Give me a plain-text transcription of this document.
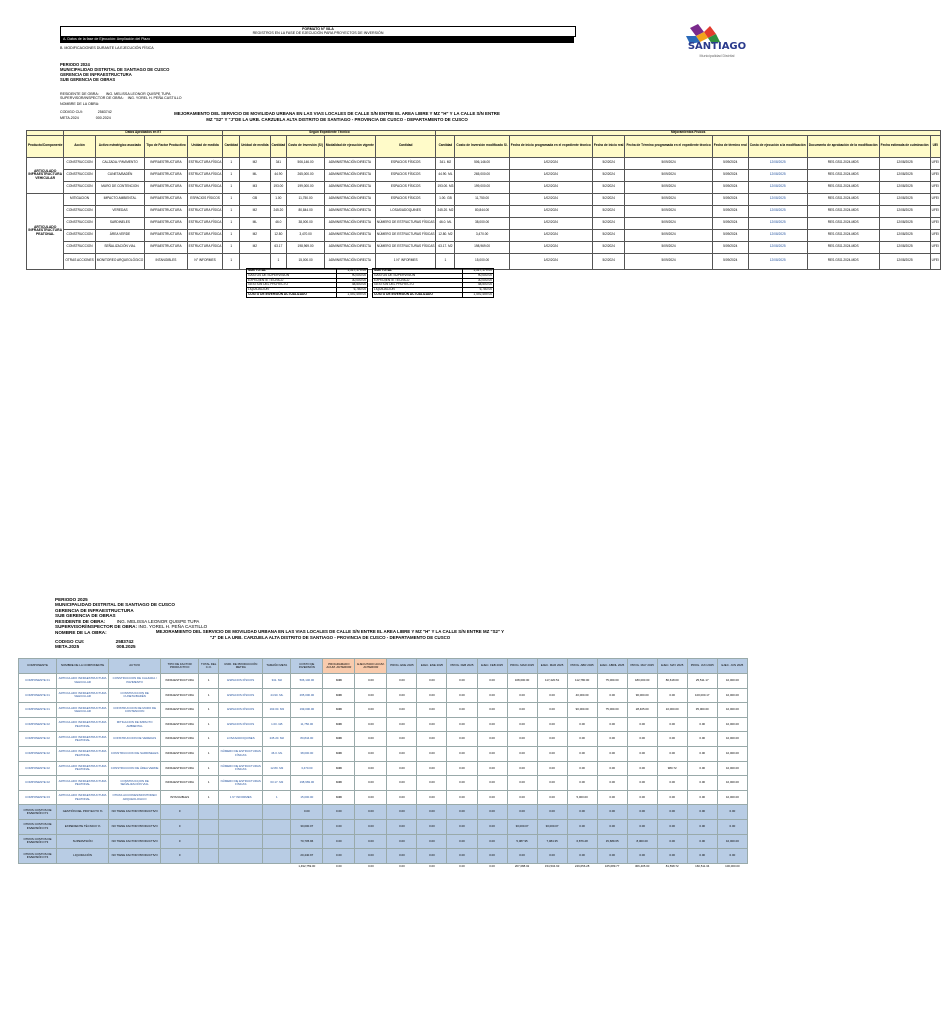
FORMATO N° 08-A
REGISTROS EN LA FASE DE EJECUCIÓN PARA PROYECTOS DE INVERSIÓN
A. Datos de la fase de Ejecución: Ampliación del Plazo
B. MODIFICACIONES DURANTE LA EJECUCIÓN FÍSICA	SANTIAGO
Municipalidad Distrital
PERIODO 2024
MUNICIPALIDAD DISTRITAL DE SANTIAGO DE CUSCO
GERENCIA DE INFRAESTRUCTURA
SUB GERENCIA DE OBRAS
RESIDENTE DE OBRA: ING. MELISSA LEONOR QUISPE TUPA
SUPERVISOR/INSPECTOR DE OBRA: ING. YOREL H. PEÑA CASTILLO
NOMBRE DE LA OBRA:
CODIGO CUI:	2583742
META.2024	000.2024
MEJORAMIENTO DEL SERVICIO DE MOVILIDAD URBANA EN LAS VIAS LOCALES DE CALLE S/N ENTRE EL AREA LIBRE Y MZ "H" Y LA CALLE S/N ENTRE MZ "S2" Y "J"DE LA URB. CARZUELA ALTA DISTRITO DE SANTIAGO - PROVINCIA DE CUSCO - DEPARTAMENTO DE CUSCO
	Datos Aprobados en ET				Según Expediente Técnico						Mejoramientos Físicos									
Producto/Componente	Acción	Activo estratégico asociado	Tipo de Factor Productivo	Unidad de medida	Cantidad	Unidad de medida	Cantidad	Costo de Inversión (S/)	Modalidad de ejecución vigente	Cantidad	Cantidad	Costo de Inversión modificado S/.	Fecha de inicio programada en el expediente técnico	Fecha de inicio real	Fecha de Término programada en el expediente técnico	Fecha de término real	Costo de ejecución a la modificación	Documento de aprobación de la modificación	Fecha estimada de culminación	UEI
ARTICULADO INFRAESTRUCTURA VEHICULAR	CONSTRUCCION	CALZADA / PAVIMENTO	INFRAESTRUCTURA	ESTRUCTURA FÍSICA	1	M2	341	506,146.00	ADMINISTRACIÓN DIRECTA	ESPACIOS FÍSICOS	341. M2	506,146.00	1/02/2024	5/2/2024	5/09/2024	5/09/2024	12/08/2025	RES.GSG-2024-MDS	12/08/2025	UFEI
	CONSTRUCCION	CUNETA/BADÉN	INFRAESTRUCTURA	ESTRUCTURA FÍSICA	1	ML	44.90	265,000.00	ADMINISTRACIÓN DIRECTA	ESPACIOS FÍSICOS	44.90. ML	265,000.00	1/02/2024	5/2/2024	5/09/2024	5/09/2024	12/08/2025	RES.GSG-2024-MDS	12/08/2025	UFEI
	CONSTRUCCION	MURO DE CONTENCION	INFRAESTRUCTURA	ESTRUCTURA FÍSICA	1	M3	193.00	199,000.00	ADMINISTRACIÓN DIRECTA	ESPACIOS FÍSICOS	193.00. M3	199,000.00	1/02/2024	5/2/2024	5/09/2024	5/09/2024	12/08/2025	RES.GSG-2024-MDS	12/08/2025	UFEI
ARTICULADO INFRAESTRUCTURA PEATONAL	MITIGACION	IMPACTO AMBIENTAL	INFRAESTRUCTURA	ESPACIOS FÍSICOS	1	GB	1.00	11,750.00	ADMINISTRACIÓN DIRECTA	ESPACIOS FÍSICOS	1.00. GB	11,750.00	1/02/2024	5/2/2024	5/09/2024	5/09/2024	12/08/2025	RES.GSG-2024-MDS	12/08/2025	UFEI
	CONSTRUCCION	VEREDAS	INFRAESTRUCTURA	ESTRUCTURA FÍSICA	1	M2	245.20	80,844.00	ADMINISTRACIÓN DIRECTA	LOSAS/ADOQUINES	245.20. M2	80,844.00	1/02/2024	5/2/2024	5/09/2024	5/09/2024	12/08/2025	RES.GSG-2024-MDS	12/08/2025	UFEI
	CONSTRUCCION	SARDINELES	INFRAESTRUCTURA	ESTRUCTURA FÍSICA	1	ML	46.0	38,000.00	ADMINISTRACIÓN DIRECTA	NÚMERO DE ESTRUCTURAS FÍSICAS	46.0. ML	38,000.00	1/02/2024	5/2/2024	5/09/2024	5/09/2024	12/08/2025	RES.GSG-2024-MDS	12/08/2025	UFEI
	CONSTRUCCION	ÁREA VERDE	INFRAESTRUCTURA	ESTRUCTURA FÍSICA	1	M2	12.80	3,470.00	ADMINISTRACIÓN DIRECTA	NÚMERO DE ESTRUCTURAS FÍSICAS	12.80. M2	3,470.00	1/02/2024	5/2/2024	5/09/2024	5/09/2024	12/08/2025	RES.GSG-2024-MDS	12/08/2025	UFEI
	CONSTRUCCION	SEÑALIZACIÓN VIAL	INFRAESTRUCTURA	ESTRUCTURA FÍSICA	1	M2	63.17	198,969.00	ADMINISTRACIÓN DIRECTA	NÚMERO DE ESTRUCTURAS FÍSICAS	63.17. M2	198,969.00	1/02/2024	5/2/2024	5/09/2024	5/09/2024	12/08/2025	RES.GSG-2024-MDS	12/08/2025	UFEI
	OTRAS ACCIONES	MONITOREO ARQUEOLÓGICO	INTANGIBLES	N° INFORMES	1		1	15,000.00	ADMINISTRACIÓN DIRECTA	1 N° INFORMES	1	15,000.00	1/02/2024	5/2/2024	5/09/2024	5/09/2024	12/08/2025	RES.GSG-2024-MDS	12/08/2025	UFEI
SUB TOTAL	1,317,179.00
GASTOS DE SUPERVISION	90,000.00
EXPEDIENTE TÉCNICO	30,000.00
GESTIÓN DEL PROYECTO	48,500.00
LIQUIDACIÓN	6,780.00
COSTO DE INVERSIÓN ACTUALIZADO	1,492,459.00
SUB TOTAL	1,317,179.00
GASTOS DE SUPERVISION	90,000.00
EXPEDIENTE TÉCNICO	30,000.00
GESTIÓN DEL PROYECTO	48,500.00
LIQUIDACIÓN	6,780.00
COSTO DE INVERSIÓN ACTUALIZADO	1,492,459.00
PERIODO 2025
MUNICIPALIDAD DISTRITAL DE SANTIAGO DE CUSCO
GERENCIA DE INFRAESTRUCTURA
SUB GERENCIA DE OBRAS
RESIDENTE DE OBRA: ING. MELISSA LEONOR QUISPE TUPA
SUPERVISOR/INSPECTOR DE OBRA: ING. YOREL H. PEÑA CASTILLO
NOMBRE DE LA OBRA:
CODIGO CUI:	2583742
META.2025	008.2025
MEJORAMIENTO DEL SERVICIO DE MOVILIDAD URBANA EN LAS VIAS LOCALES DE CALLE S/N ENTRE EL AREA LIBRE Y MZ "H" Y LA CALLE S/N ENTRE MZ "S2" Y
"J" DE LA URB. CARZUELA ALTA DISTRITO DE SANTIAGO - PROVINCIA DE CUSCO - DEPARTAMENTO DE CUSCO
COMPONENTE	NOMBRE DE LA COMPONENTE	ACTIVO	TIPO DE FACTOR PRODUCTIVO	TOTAL DEL C.O.	UNID. DE PRODUCCIÓN METRA	TAMAÑO META	COSTO DE INVERSIÓN	PROGRAMADO ACUM. ANTERIOR	EJECUTADO ACUM. ANTERIOR	PROG. ENE 2025	EJEC. ENE 2025	PROG. FEB 2025	EJEC. FEB 2025	PROG. MAR 2025	EJEC. MAR 2025	PROG. ABR 2025	EJEC. ABRIL 2025	PROG. MAY 2025	EJEC. MAY 2025	PROG. JUN 2025	EJEC. JUN 2025
COMPONENTE 01	ARTICULADO INFRAESTRUCTURA VEHICULAR	CONSTRUCCION DE CALZADA / PAVIMENTO	INFRAESTRUCTURA	1	ESPACIOS FÍSICOS	341. M2	506,146.00	0.00	0.00	0.00	0.00	0.00	0.00	168,000.00	117,420.51	112,780.00	75,000.00	180,000.00	80,618.00	25,511.17	10,000.00
COMPONENTE 01	ARTICULADO INFRAESTRUCTURA VEHICULAR	CONSTRUCCION DE CUNETA/BADÉN	INFRAESTRUCTURA	1	ESPACIOS FÍSICOS	44.90. ML	265,000.00	0.00	0.00	0.00	0.00	0.00	0.00	0.00	0.00	40,000.00	0.00	90,000.00	0.00	100,000.17	10,000.00
COMPONENTE 01	ARTICULADO INFRAESTRUCTURA VEHICULAR	CONSTRUCCION DE MURO DE CONTENCION	INFRAESTRUCTURA	1	ESPACIOS FÍSICOS	193.00. M3	199,000.00	0.00	0.00	0.00	0.00	0.00	0.00	0.00	0.00	90,000.00	75,000.00	28,405.00	10,000.00	35,000.00	10,000.00
COMPONENTE 02	ARTICULADO INFRAESTRUCTURA PEATONAL	MITIGACION DE IMPACTO AMBIENTAL	INFRAESTRUCTURA	1	ESPACIOS FÍSICOS	1.00. GB	11,750.00	0.00	0.00	0.00	0.00	0.00	0.00	0.00	0.00	0.00	0.00	0.00	0.00	0.00	10,000.00
COMPONENTE 02	ARTICULADO INFRAESTRUCTURA PEATONAL	CONSTRUCCION DE VEREDAS	INFRAESTRUCTURA	1	LOSAS/ADOQUINES	245.20. M2	80,844.00	0.00	0.00	0.00	0.00	0.00	0.00	0.00	0.00	0.00	0.00	0.00	0.00	0.00	10,000.00
COMPONENTE 02	ARTICULADO INFRAESTRUCTURA PEATONAL	CONSTRUCCION DE SARDINELES	INFRAESTRUCTURA	1	NÚMERO DE ESTRUCTURAS FÍSICAS	46.0. ML	38,000.00	0.00	0.00	0.00	0.00	0.00	0.00	0.00	0.00	0.00	0.00	0.00	0.00	0.00	10,000.00
COMPONENTE 02	ARTICULADO INFRAESTRUCTURA PEATONAL	CONSTRUCCION DE ÁREA VERDE	INFRAESTRUCTURA	1	NÚMERO DE ESTRUCTURAS FÍSICAS	12.80. M2	3,470.00	0.00	0.00	0.00	0.00	0.00	0.00	0.00	0.00	0.00	0.00	0.00	980.72	0.00	10,000.00
COMPONENTE 02	ARTICULADO INFRAESTRUCTURA PEATONAL	CONSTRUCCION DE SEÑALIZACIÓN VIAL	INFRAESTRUCTURA	1	NÚMERO DE ESTRUCTURAS FÍSICAS	63.17. M2	198,969.00	0.00	0.00	0.00	0.00	0.00	0.00	0.00	0.00	0.00	0.00	0.00	0.00	0.00	10,000.00
COMPONENTE 03	ARTICULADO INFRAESTRUCTURA PEATONAL	OTRAS ACCIONES/MONITOREO ARQUEOLOGICO	INTANGIBLES	1	1 N° INFORMES	1	15,000.00	0.00	0.00	0.00	0.00	0.00	0.00	0.00	0.00	5,000.00	0.00	0.00	0.00	0.00	10,000.00
OTROS COSTOS DE INVERSIÓN N°1	GESTIÓN DEL PROYECTO %	NO TIENE FACTOR PRODUCTIVO	0				0.00	0.00	0.00	0.00	0.00	0.00	0.00	0.00	0.00	0.00	0.00	0.00	0.00	0.00	0.00
OTROS COSTOS DE INVERSIÓN N°2	EXPEDIENTE TÉCNICO %	NO TIENE FACTOR PRODUCTIVO	0				30,000.07	0.00	0.00	0.00	0.00	0.00	0.00	30,000.07	30,000.07	0.00	0.00	0.00	0.00	0.00	0.00
OTROS COSTOS DE INVERSIÓN N°3	SUPERVISIÓN	NO TIENE FACTOR PRODUCTIVO	0				70,705.96	0.00	0.00	0.00	0.00	0.00	0.00	5,087.95	7,084.35	6,876.28	15,689.65	8,000.00	0.00	0.00	10,000.00
OTROS COSTOS DE INVERSIÓN N°4	LIQUIDACIÓN	NO TIENE FACTOR PRODUCTIVO	0				20,440.97	0.00	0.00	0.00	0.00	0.00	0.00	0.00	0.00	0.00	0.00	0.00	0.00	0.00	0.00
							1,492,759.00	0.00	0.00	0.00	0.00	0.00	0.00	207,088.02	154,504.93	249,656.28	165,689.77	306,405.00	81,598.72	160,511.34	100,000.00
